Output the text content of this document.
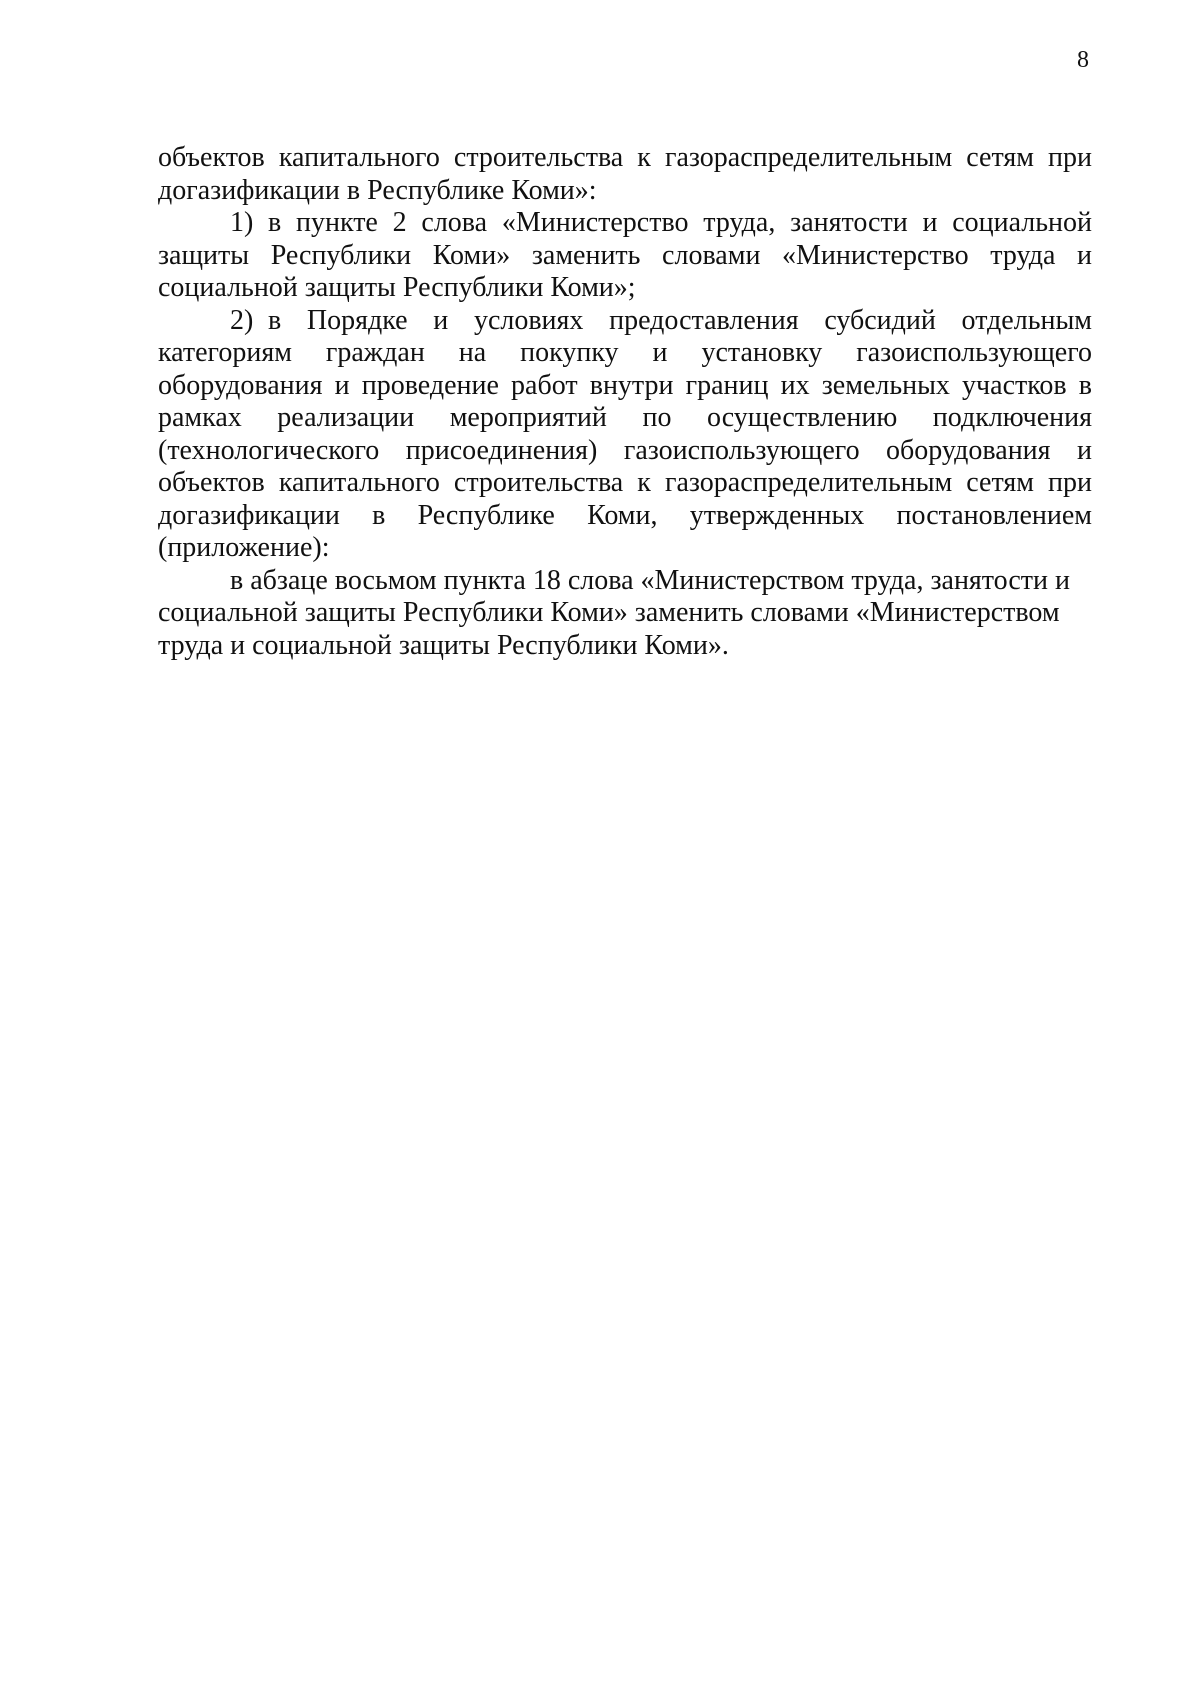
8

объектов капитального строительства к газораспределительным сетям при догазификации в Республике Коми»:

1) в пункте 2 слова «Министерство труда, занятости и социальной защиты Республики Коми» заменить словами «Министерство труда и социальной защиты Республики Коми»;

2) в Порядке и условиях предоставления субсидий отдельным категориям граждан на покупку и установку газоиспользующего оборудования и проведение работ внутри границ их земельных участков в рамках реализации мероприятий по осуществлению подключения (технологического присоединения) газоиспользующего оборудования и объектов капитального строительства к газораспределительным сетям при догазификации в Республике Коми, утвержденных постановлением (приложение):

в абзаце восьмом пункта 18 слова «Министерством труда, занятости и социальной защиты Республики Коми» заменить словами «Министерством труда и социальной защиты Республики Коми».
